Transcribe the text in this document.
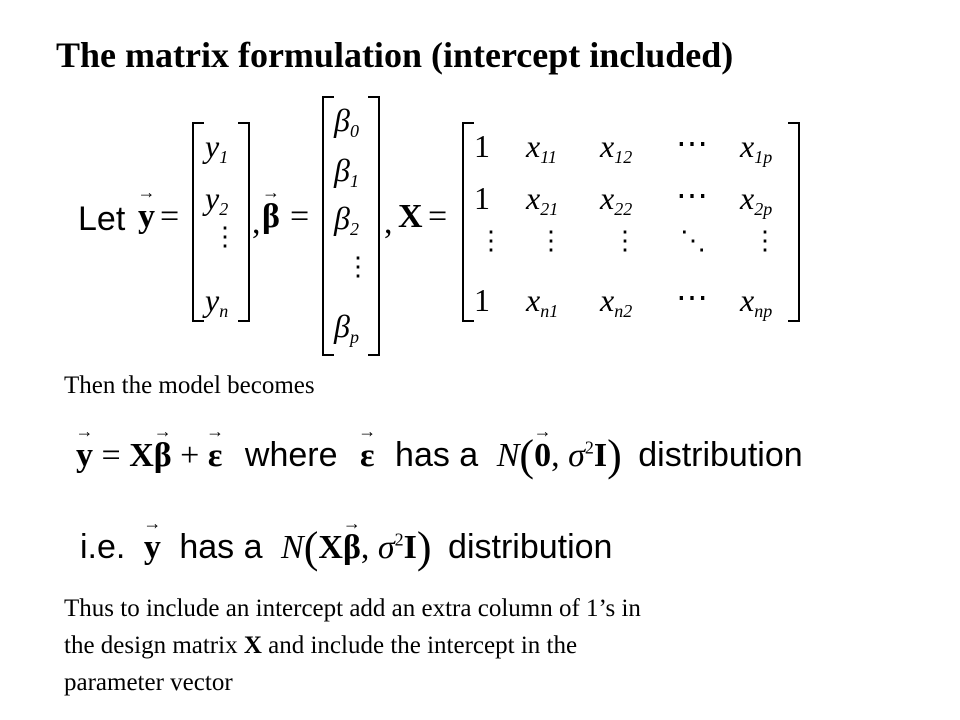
The matrix formulation (intercept included)
Let → y =
$y_1$
$y_2$
⋮
$y_n$
, → β =
$\beta_0$
$\beta_1$
$\beta_2$
⋮
$\beta_p$
, X =
1 $x_{11}$ $x_{12}$ ⋯ $x_{1p}$
1 $x_{21}$ $x_{22}$ ⋯ $x_{2p}$
⋮ ⋮ ⋮ ⋱ ⋮
1 $x_{n1}$ $x_{n2}$ ⋯ $x_{np}$
Then the model becomes
→ y = X→ β + → ε where → ε has a N(→ 0, $\sigma^2I$) distribution
i.e. → y has a N(X→ β, $\sigma^2I$) distribution
Thus to include an intercept add an extra column of 1’s in
the design matrix X and include the intercept in the
parameter vector
